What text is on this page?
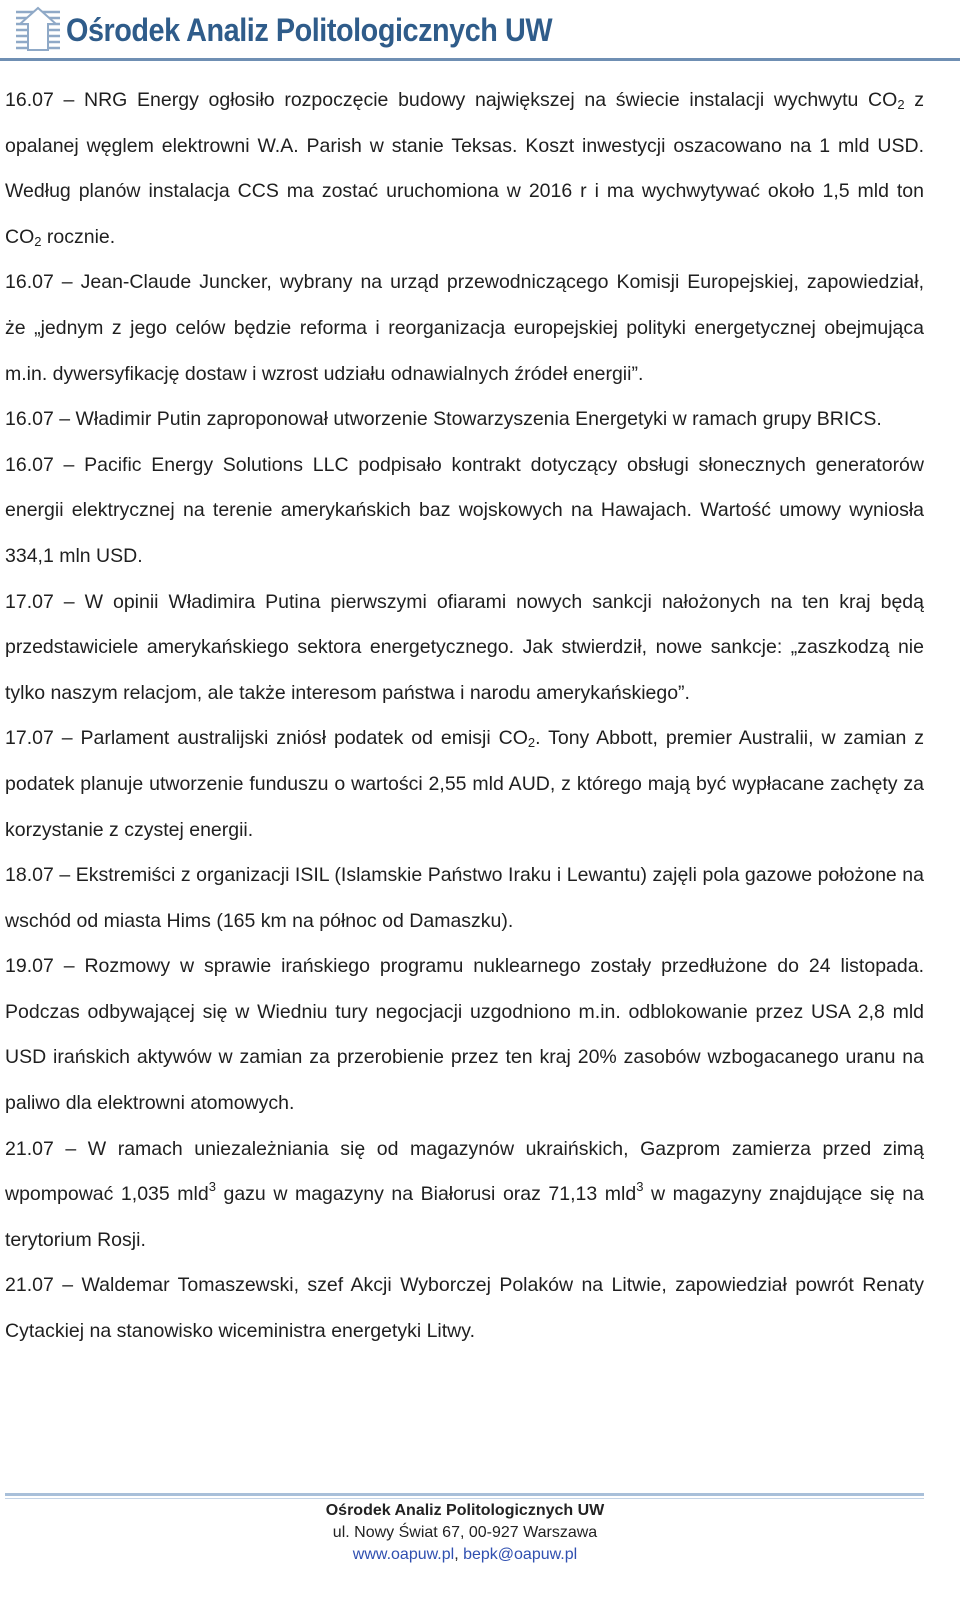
Ośrodek Analiz Politologicznych UW

16.07 – NRG Energy ogłosiło rozpoczęcie budowy największej na świecie instalacji wychwytu $CO_2$ z opalanej węglem elektrowni W.A. Parish w stanie Teksas. Koszt inwestycji oszacowano na 1 mld USD. Według planów instalacja CCS ma zostać uruchomiona w 2016 r i ma wychwytywać około 1,5 mld ton $CO_2$ rocznie.

16.07 – Jean-Claude Juncker, wybrany na urząd przewodniczącego Komisji Europejskiej, zapowiedział, że „jednym z jego celów będzie reforma i reorganizacja europejskiej polityki energetycznej obejmująca m.in. dywersyfikację dostaw i wzrost udziału odnawialnych źródeł energii”.

16.07 – Władimir Putin zaproponował utworzenie Stowarzyszenia Energetyki w ramach grupy BRICS.

16.07 – Pacific Energy Solutions LLC podpisało kontrakt dotyczący obsługi słonecznych generatorów energii elektrycznej na terenie amerykańskich baz wojskowych na Hawajach. Wartość umowy wyniosła 334,1 mln USD.

17.07 – W opinii Władimira Putina pierwszymi ofiarami nowych sankcji nałożonych na ten kraj będą przedstawiciele amerykańskiego sektora energetycznego. Jak stwierdził, nowe sankcje: „zaszkodzą nie tylko naszym relacjom, ale także interesom państwa i narodu amerykańskiego”.

17.07 – Parlament australijski zniósł podatek od emisji $CO_2$. Tony Abbott, premier Australii, w zamian z podatek planuje utworzenie funduszu o wartości 2,55 mld AUD, z którego mają być wypłacane zachęty za korzystanie z czystej energii.

18.07 – Ekstremiści z organizacji ISIL (Islamskie Państwo Iraku i Lewantu) zajęli pola gazowe położone na wschód od miasta Hims (165 km na północ od Damaszku).

19.07 – Rozmowy w sprawie irańskiego programu nuklearnego zostały przedłużone do 24 listopada. Podczas odbywającej się w Wiedniu tury negocjacji uzgodniono m.in. odblokowanie przez USA 2,8 mld USD irańskich aktywów w zamian za przerobienie przez ten kraj 20% zasobów wzbogacanego uranu na paliwo dla elektrowni atomowych.

21.07 – W ramach uniezależniania się od magazynów ukraińskich, Gazprom zamierza przed zimą wpompować 1,035 mld$^3$ gazu w magazyny na Białorusi oraz 71,13 mld$^3$ w magazyny znajdujące się na terytorium Rosji.

21.07 – Waldemar Tomaszewski, szef Akcji Wyborczej Polaków na Litwie, zapowiedział powrót Renaty Cytackiej na stanowisko wiceministra energetyki Litwy.

Ośrodek Analiz Politologicznych UW
ul. Nowy Świat 67, 00-927 Warszawa
www.oapuw.pl, bepk@oapuw.pl
